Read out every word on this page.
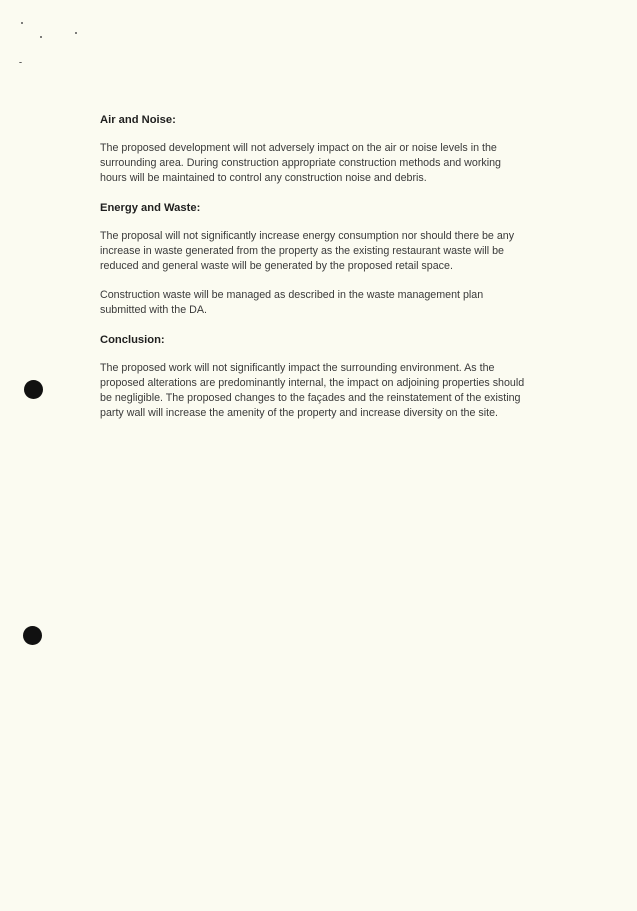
Air and Noise:
The proposed development will not adversely impact on the air or noise levels in the
surrounding area. During construction appropriate construction methods and working
hours will be maintained to control any construction noise and debris.
Energy and Waste:
The proposal will not significantly increase energy consumption nor should there be any
increase in waste generated from the property as the existing restaurant waste will be
reduced and general waste will be generated by the proposed retail space.
Construction waste will be managed as described in the waste management plan
submitted with the DA.
Conclusion:
The proposed work will not significantly impact the surrounding environment. As the
proposed alterations are predominantly internal, the impact on adjoining properties should
be negligible. The proposed changes to the façades and the reinstatement of the existing
party wall will increase the amenity of the property and increase diversity on the site.
